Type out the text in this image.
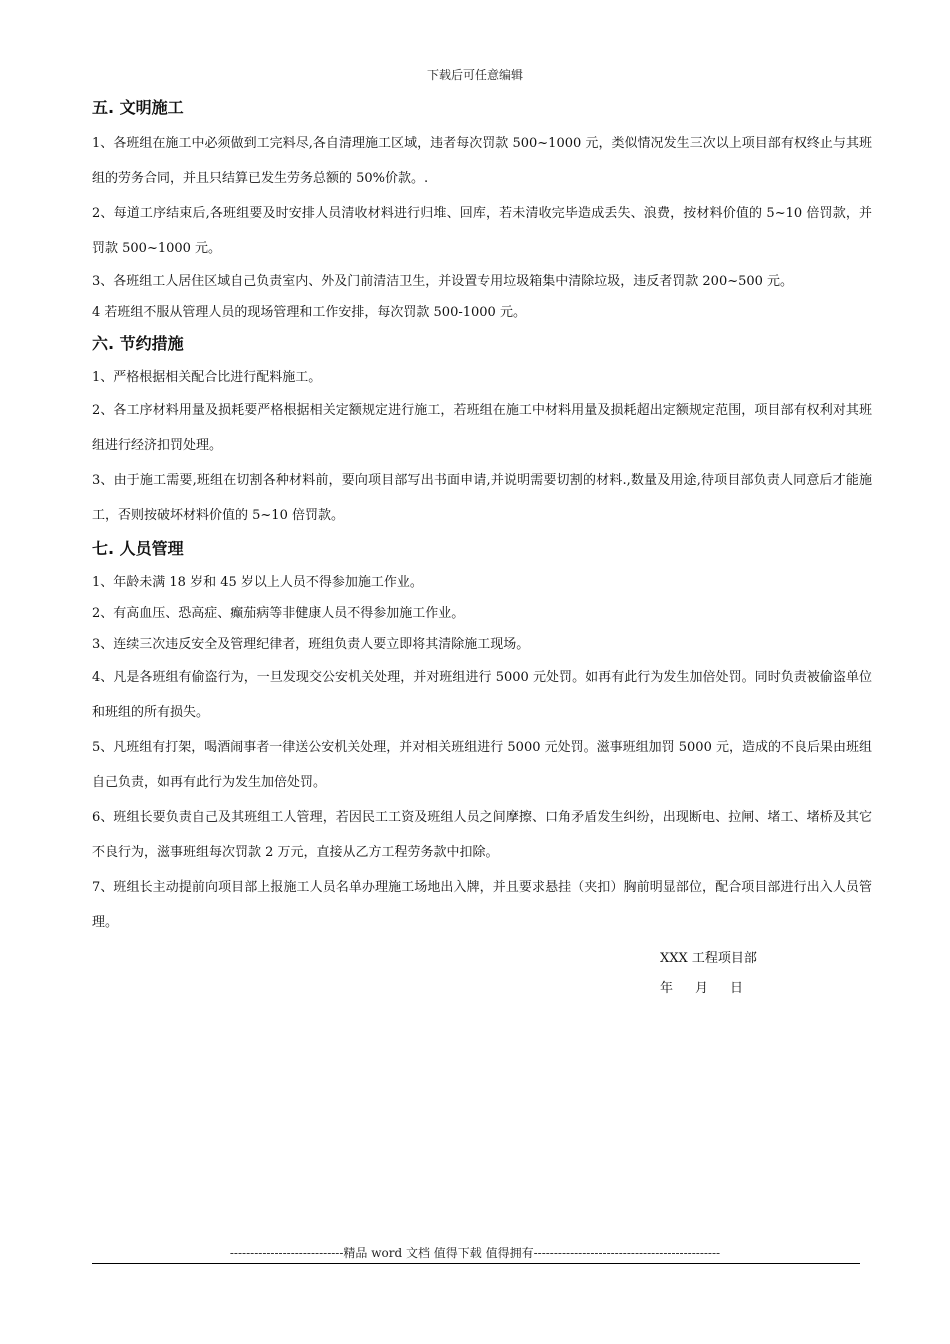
下载后可任意编辑
五. 文明施工

1、各班组在施工中必须做到工完料尽,各自清理施工区域，违者每次罚款 500~1000 元，类似情况发生三次以上项目部有权终止与其班组的劳务合同，并且只结算已发生劳务总额的 50%价款。.

2、每道工序结束后,各班组要及时安排人员清收材料进行归堆、回库，若未清收完毕造成丢失、浪费，按材料价值的 5~10 倍罚款，并罚款 500~1000 元。

3、各班组工人居住区域自己负责室内、外及门前清洁卫生，并设置专用垃圾箱集中清除垃圾，违反者罚款 200~500 元。

4 若班组不服从管理人员的现场管理和工作安排，每次罚款 500-1000 元。

六. 节约措施

1、严格根据相关配合比进行配料施工。

2、各工序材料用量及损耗要严格根据相关定额规定进行施工，若班组在施工中材料用量及损耗超出定额规定范围，项目部有权利对其班组进行经济扣罚处理。

3、由于施工需要,班组在切割各种材料前，要向项目部写出书面申请,并说明需要切割的材料.,数量及用途,待项目部负责人同意后才能施工，否则按破坏材料价值的 5~10 倍罚款。

七. 人员管理

1、年龄未满 18 岁和 45 岁以上人员不得参加施工作业。

2、有高血压、恐高症、癫茄病等非健康人员不得参加施工作业。

3、连续三次违反安全及管理纪律者，班组负责人要立即将其清除施工现场。

4、凡是各班组有偷盗行为，一旦发现交公安机关处理，并对班组进行 5000 元处罚。如再有此行为发生加倍处罚。同时负责被偷盗单位和班组的所有损失。

5、凡班组有打架，喝酒闹事者一律送公安机关处理，并对相关班组进行 5000 元处罚。滋事班组加罚 5000 元，造成的不良后果由班组自己负责，如再有此行为发生加倍处罚。

6、班组长要负责自己及其班组工人管理，若因民工工资及班组人员之间摩擦、口角矛盾发生纠纷，出现断电、拉闸、堵工、堵桥及其它不良行为，滋事班组每次罚款 2 万元，直接从乙方工程劳务款中扣除。

7、班组长主动提前向项目部上报施工人员名单办理施工场地出入牌，并且要求悬挂（夹扣）胸前明显部位，配合项目部进行出入人员管理。

XXX 工程项目部
年 月 日
----------------------------精品 word 文档 值得下载 值得拥有----------------------------------------------
